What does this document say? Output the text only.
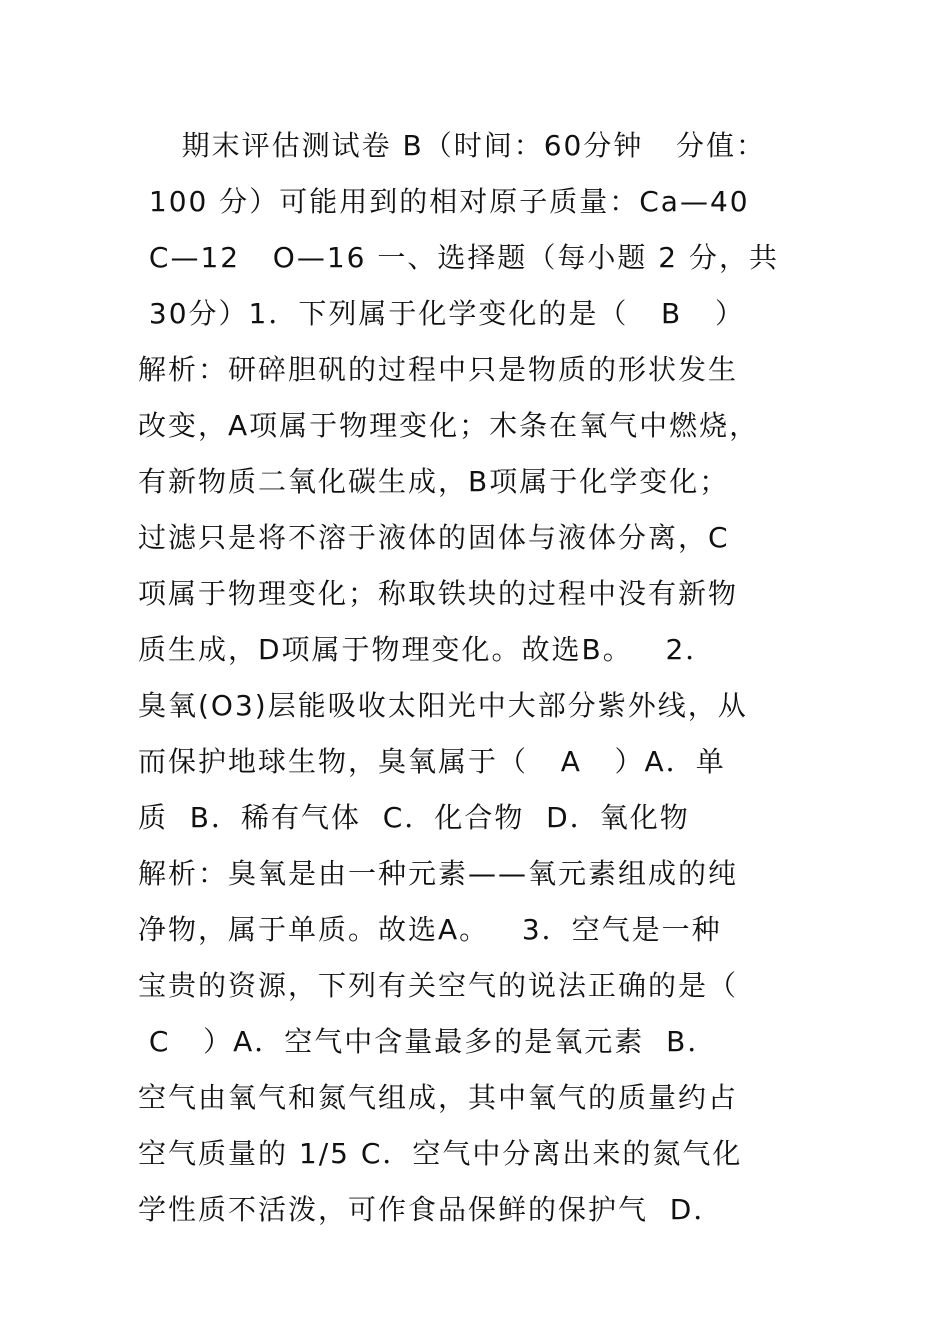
期末评估测试卷 B（时间：60分钟   分值：
100 分）可能用到的相对原子质量：Ca—40
C—12   O—16 一、选择题（每小题 2 分，共
30分）1．下列属于化学变化的是（   B   ）
解析：研碎胆矾的过程中只是物质的形状发生
改变，A项属于物理变化；木条在氧气中燃烧，
有新物质二氧化碳生成，B项属于化学变化；
过滤只是将不溶于液体的固体与液体分离，C
项属于物理变化；称取铁块的过程中没有新物
质生成，D项属于物理变化。故选B。   2．
臭氧(O3)层能吸收太阳光中大部分紫外线，从
而保护地球生物，臭氧属于（   A   ）A．单
质  B．稀有气体  C．化合物  D．氧化物
解析：臭氧是由一种元素——氧元素组成的纯
净物，属于单质。故选A。   3．空气是一种
宝贵的资源，下列有关空气的说法正确的是（
C   ）A．空气中含量最多的是氧元素  B．
空气由氧气和氮气组成，其中氧气的质量约占
空气质量的 1/5 C．空气中分离出来的氮气化
学性质不活泼，可作食品保鲜的保护气  D．
